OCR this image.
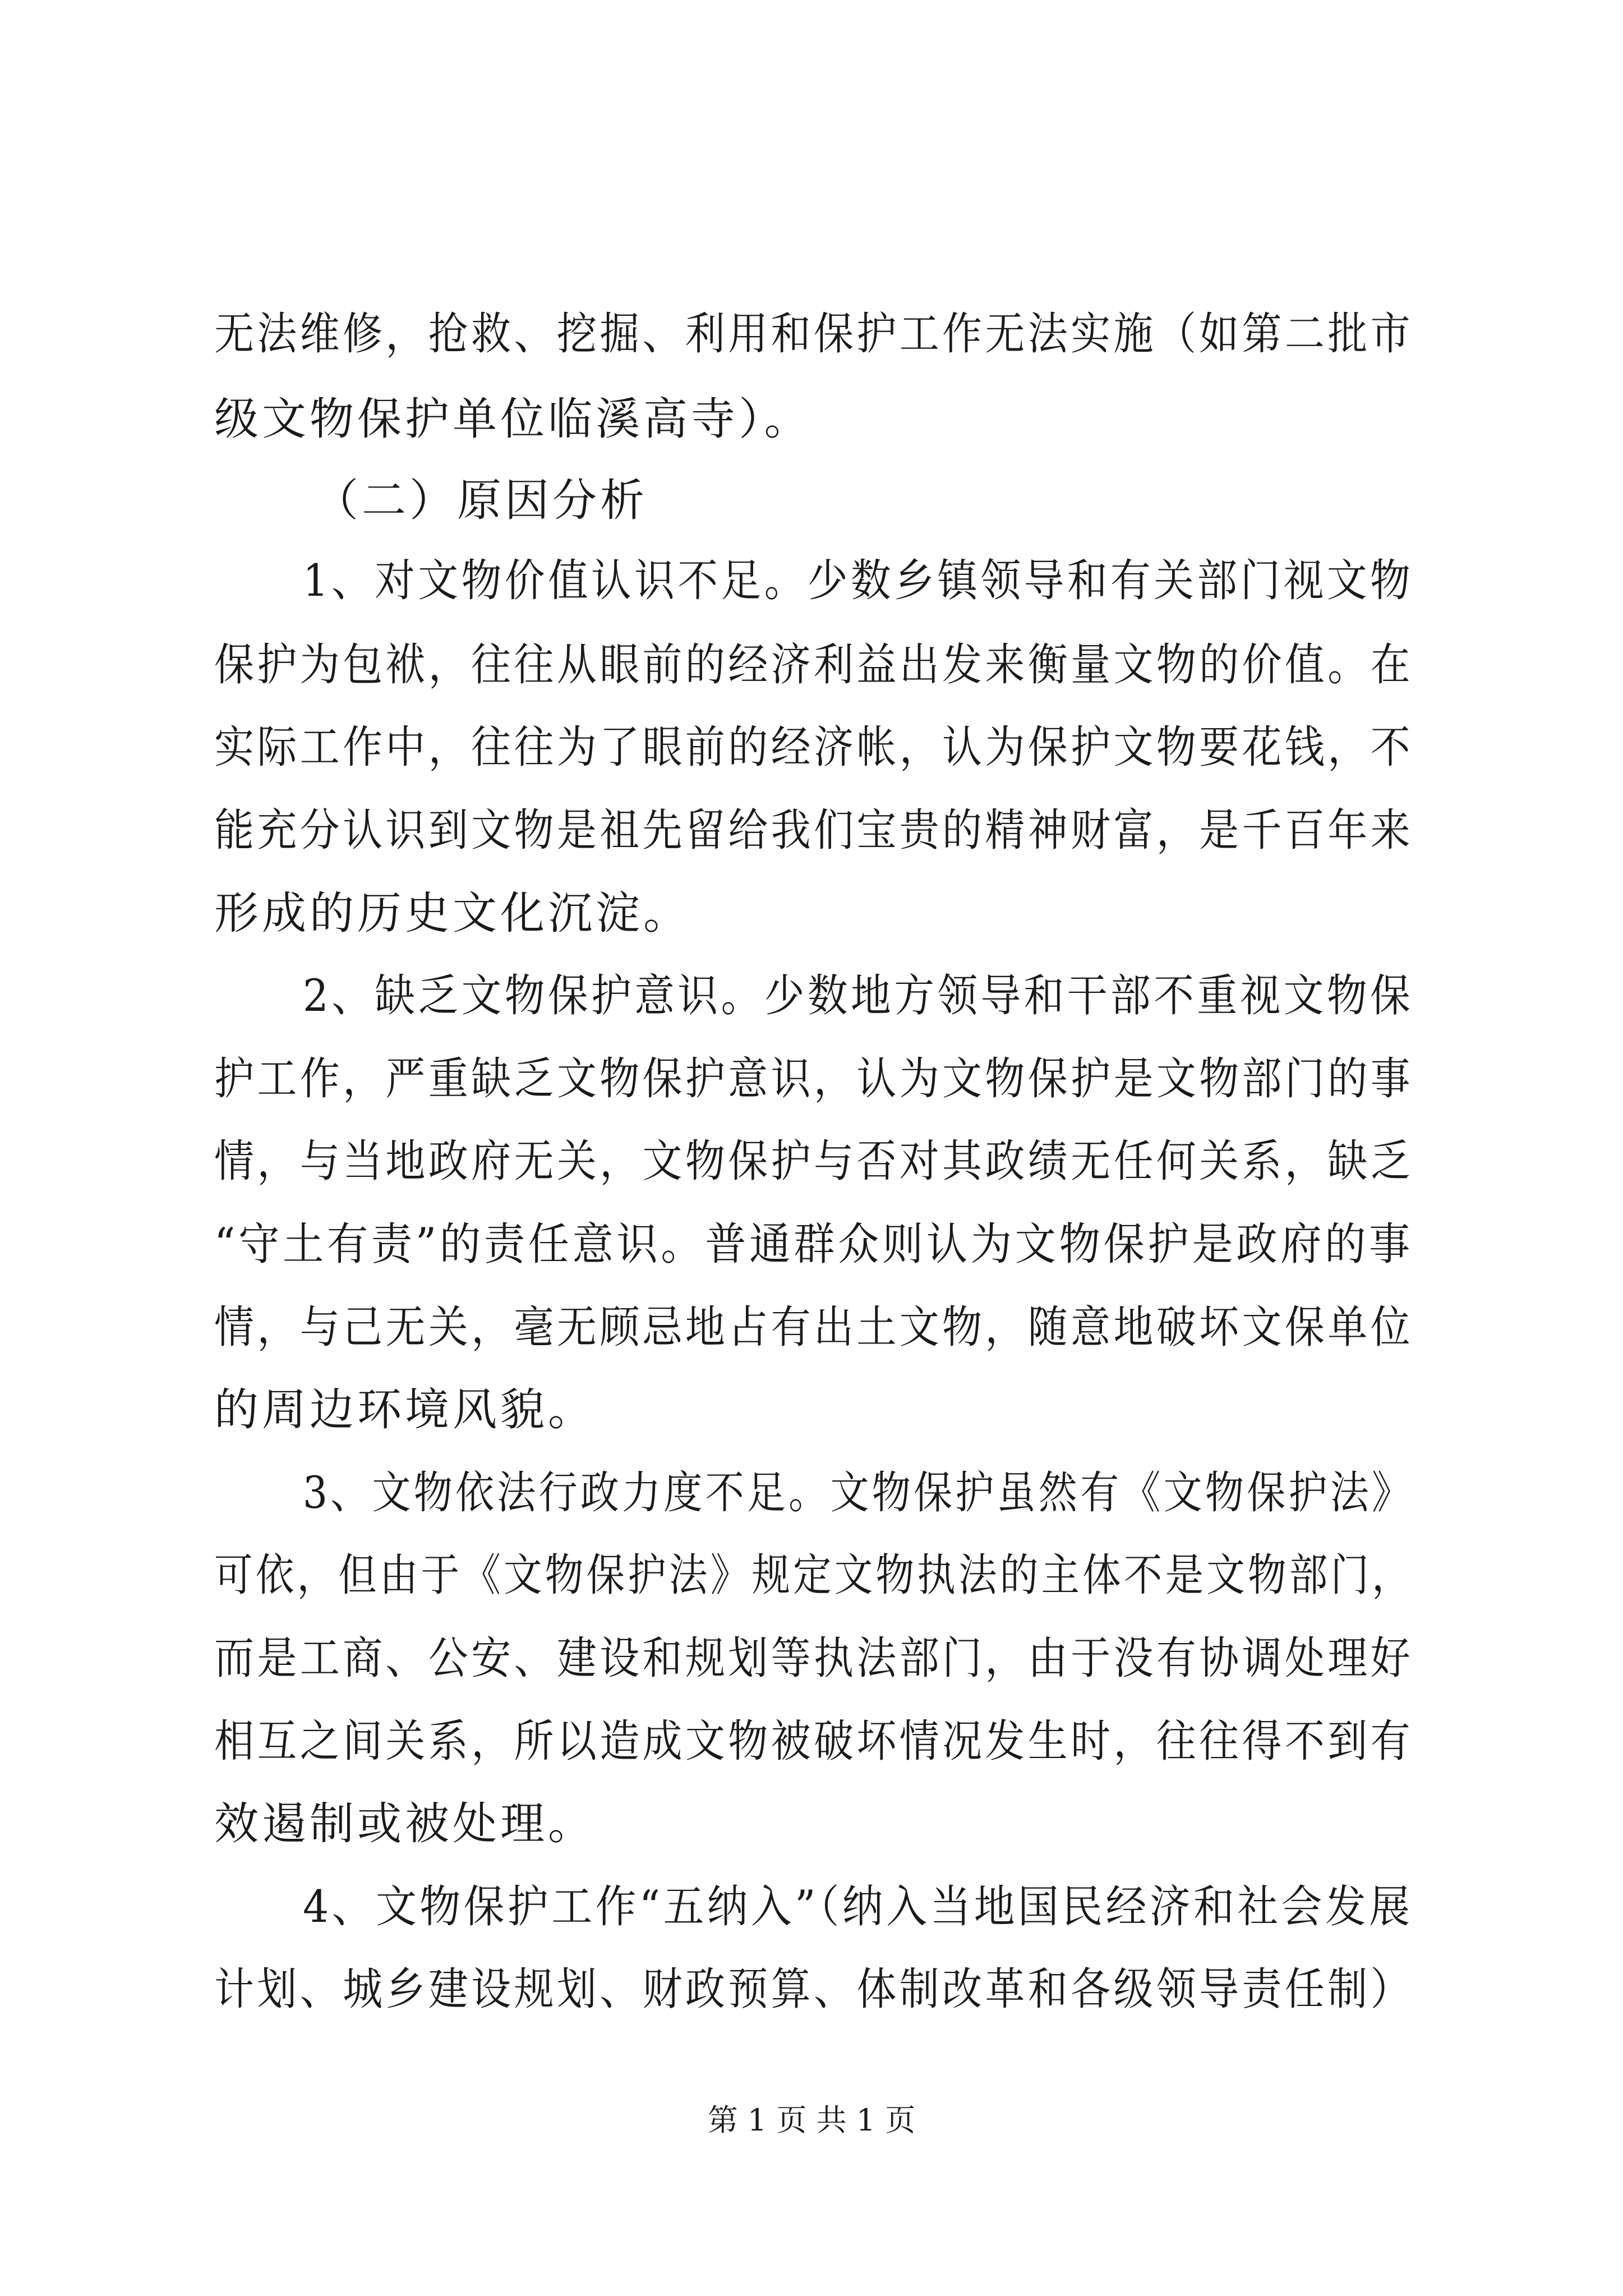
无法维修，抢救、挖掘、利用和保护工作无法实施（如第二批市
级文物保护单位临溪高寺）。
（二）原因分析
1、对文物价值认识不足。少数乡镇领导和有关部门视文物
保护为包袱，往往从眼前的经济利益出发来衡量文物的价值。在
实际工作中，往往为了眼前的经济帐，认为保护文物要花钱，不
能充分认识到文物是祖先留给我们宝贵的精神财富，是千百年来
形成的历史文化沉淀。
2、缺乏文物保护意识。少数地方领导和干部不重视文物保
护工作，严重缺乏文物保护意识，认为文物保护是文物部门的事
情，与当地政府无关，文物保护与否对其政绩无任何关系，缺乏
“守土有责”的责任意识。普通群众则认为文物保护是政府的事
情，与己无关，毫无顾忌地占有出土文物，随意地破坏文保单位
的周边环境风貌。
3、文物依法行政力度不足。文物保护虽然有《文物保护法》
可依，但由于《文物保护法》规定文物执法的主体不是文物部门，
而是工商、公安、建设和规划等执法部门，由于没有协调处理好
相互之间关系，所以造成文物被破坏情况发生时，往往得不到有
效遏制或被处理。
4、文物保护工作“五纳入”（纳入当地国民经济和社会发展
计划、城乡建设规划、财政预算、体制改革和各级领导责任制）
第 1 页 共 1 页
